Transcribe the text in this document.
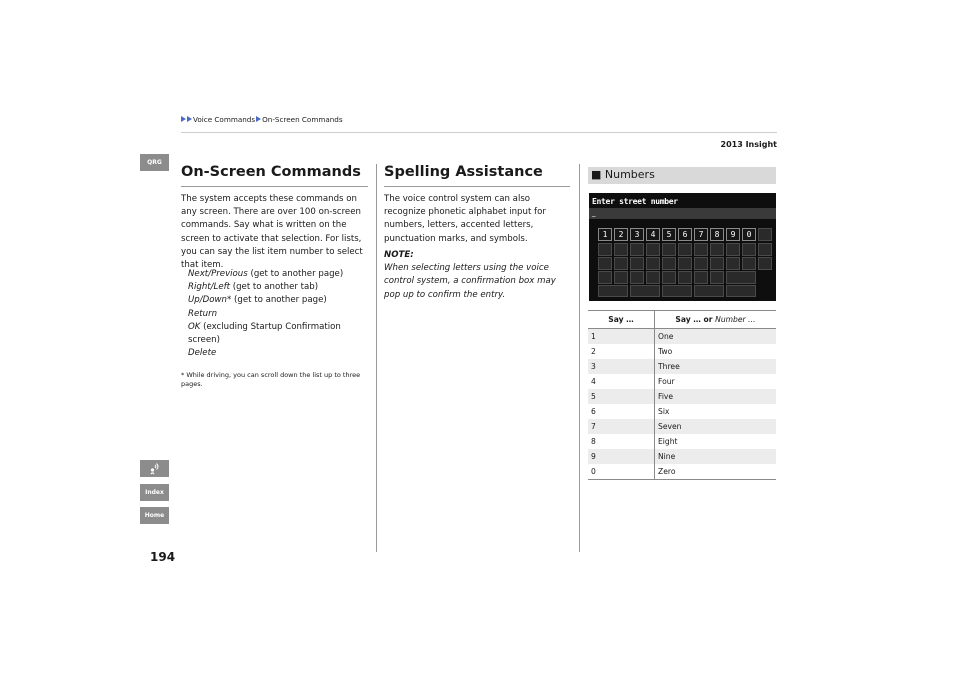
Voice Commands On-Screen Commands
2013 Insight
QRG
Index
Home
194
On-Screen Commands
The system accepts these commands on any screen. There are over 100 on-screen commands. Say what is written on the screen to activate that selection. For lists, you can say the list item number to select that item.
Next/Previous (get to another page)
Right/Left (get to another tab)
Up/Down* (get to another page)
Return
OK (excluding Startup Confirmation screen)
Delete
* While driving, you can scroll down the list up to three pages.
Spelling Assistance
The voice control system can also recognize phonetic alphabet input for numbers, letters, accented letters, punctuation marks, and symbols.
NOTE:
When selecting letters using the voice control system, a confirmation box may pop up to confirm the entry.
■ Numbers
Enter street number
_
1	2	3	4	5	6	7	8	9	0
Say …	Say … or Number …
1	One
2	Two
3	Three
4	Four
5	Five
6	Six
7	Seven
8	Eight
9	Nine
0	Zero
